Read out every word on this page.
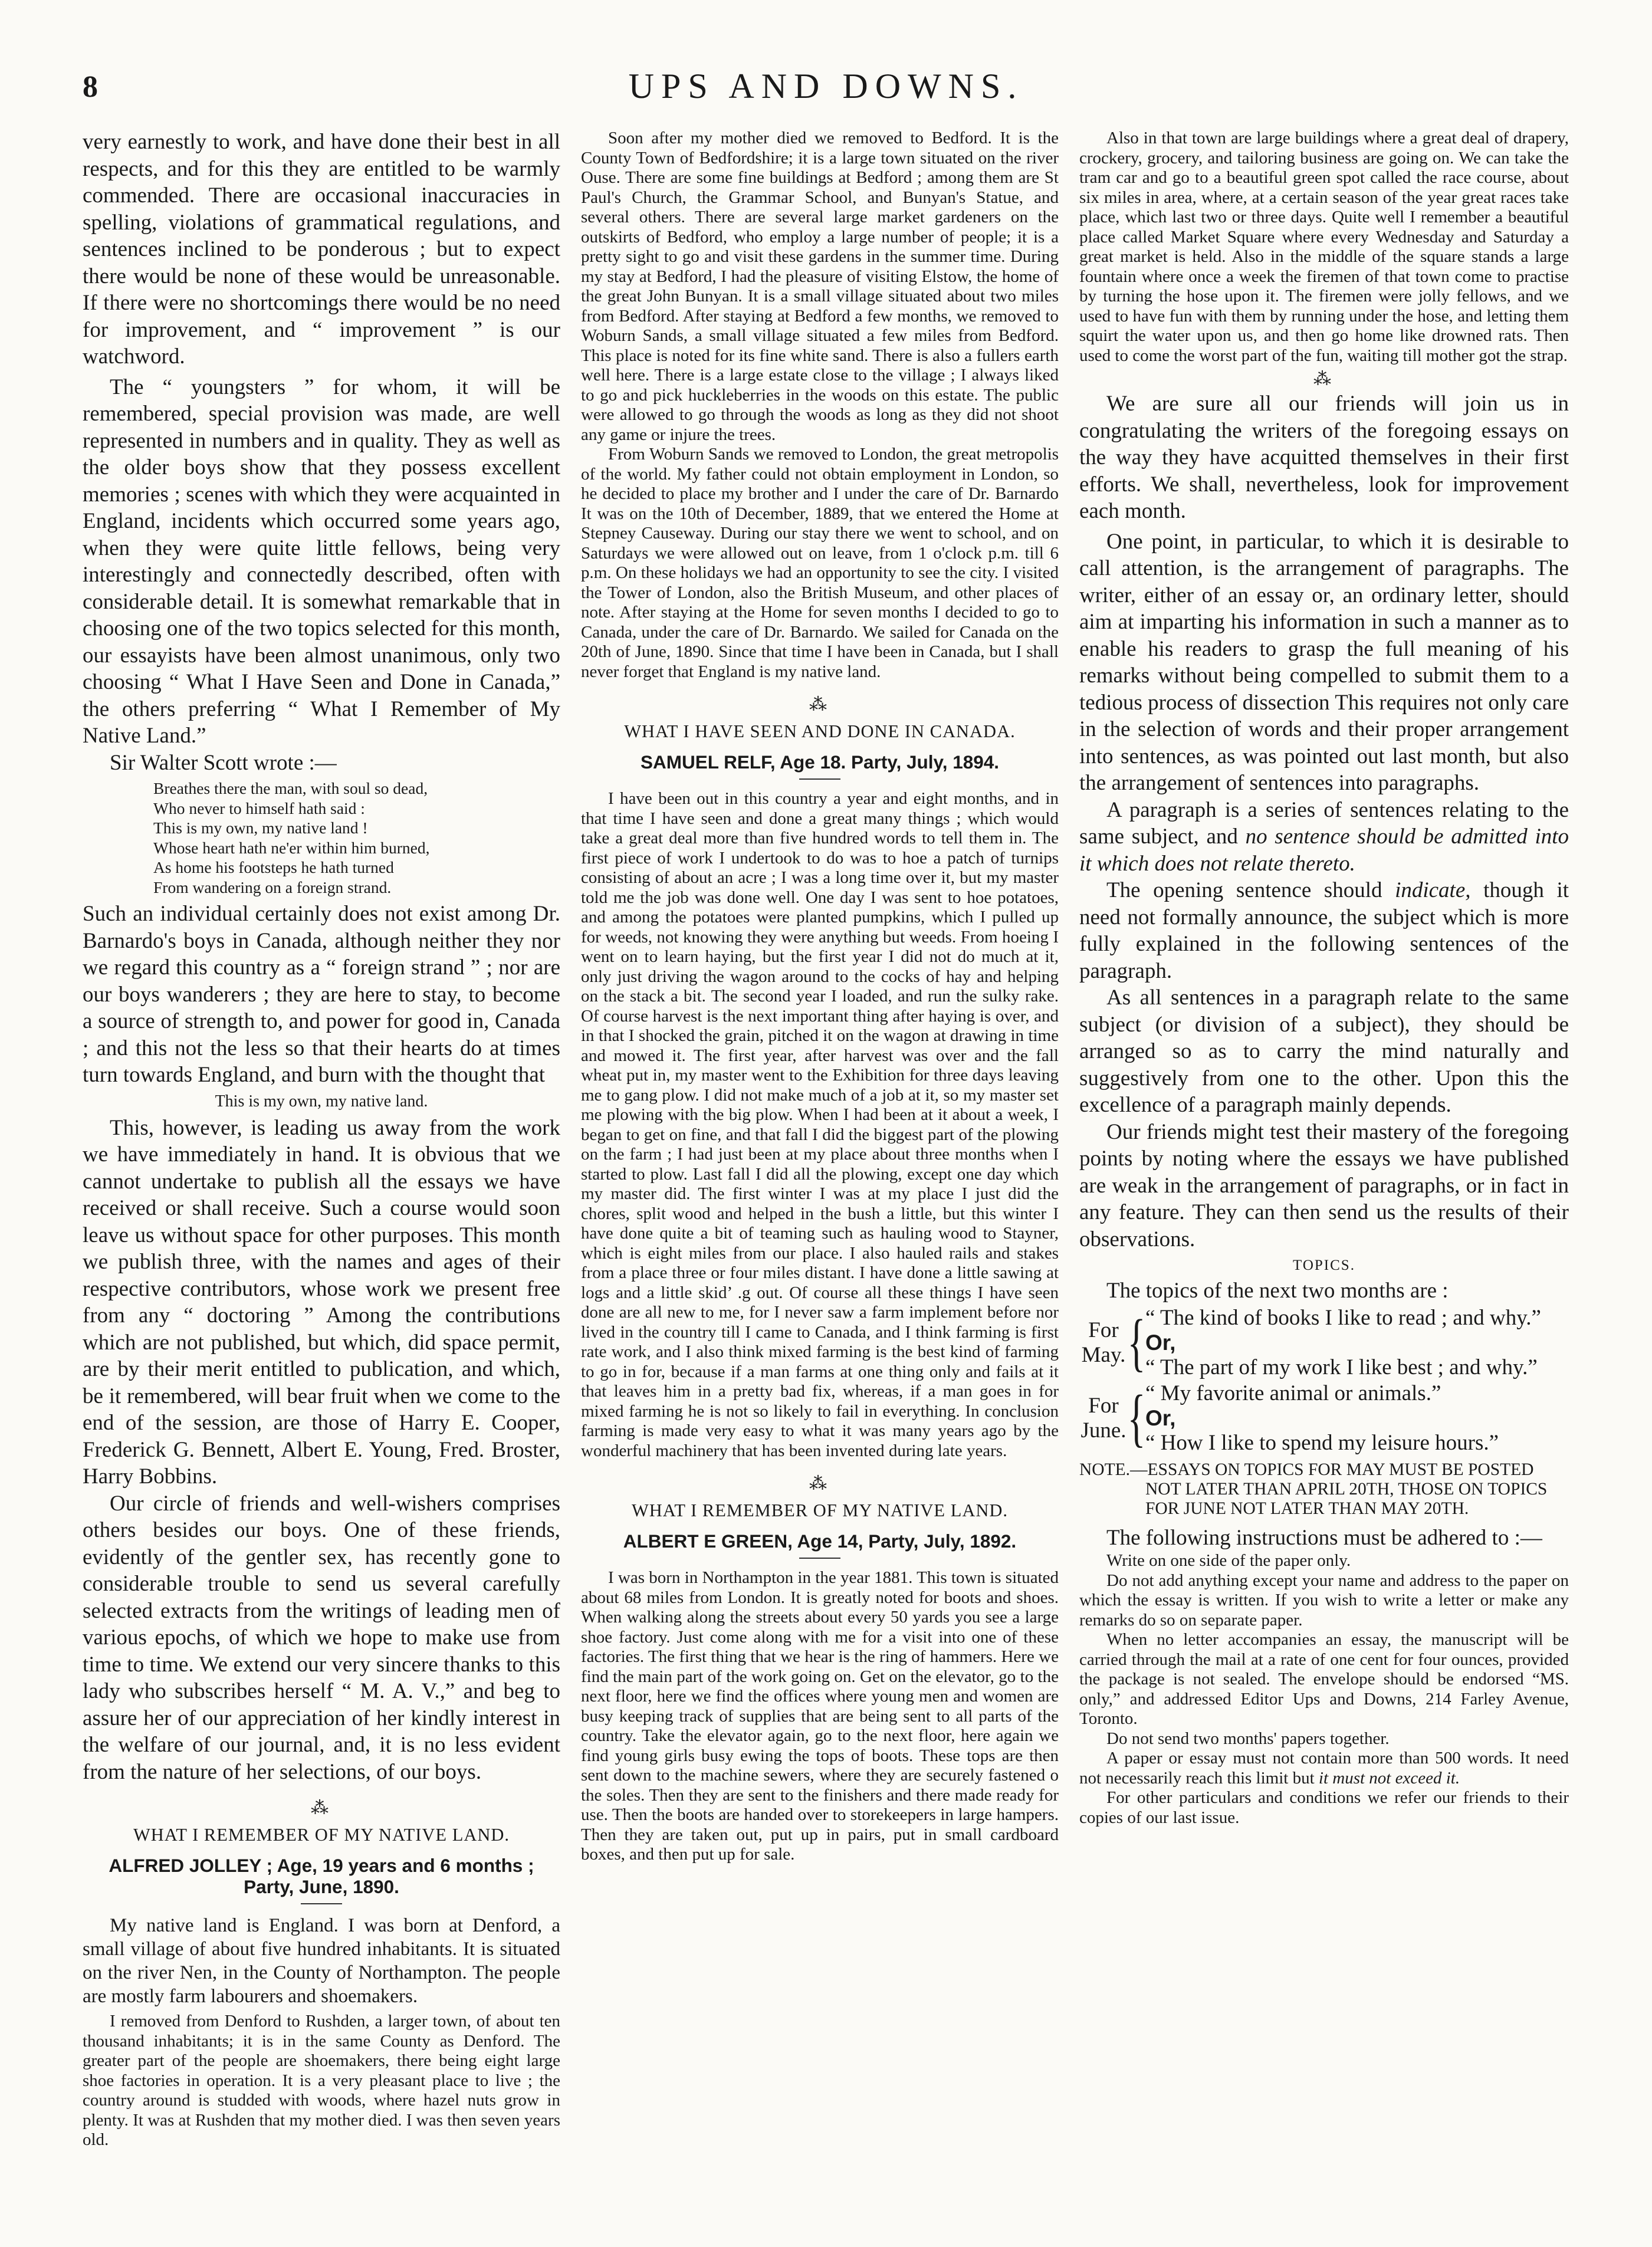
8	UPS AND DOWNS.

very earnestly to work, and have done their best in all respects, and for this they are entitled to be warmly commended. There are occasional inaccuracies in spelling, violations of grammatical regulations, and sentences inclined to be ponderous ; but to expect there would be none of these would be unreasonable. If there were no shortcomings there would be no need for improvement, and “ improvement ” is our watchword.

The “ youngsters ” for whom, it will be remembered, special provision was made, are well represented in numbers and in quality. They as well as the older boys show that they possess excellent memories ; scenes with which they were acquainted in England, incidents which occurred some years ago, when they were quite little fellows, being very interestingly and connectedly described, often with considerable detail. It is somewhat remarkable that in choosing one of the two topics selected for this month, our essayists have been almost unanimous, only two choosing “ What I Have Seen and Done in Canada,” the others preferring “ What I Remember of My Native Land.”

Sir Walter Scott wrote :—

Breathes there the man, with soul so dead,
Who never to himself hath said :
This is my own, my native land !
Whose heart hath ne'er within him burned,
As home his footsteps he hath turned
From wandering on a foreign strand.

Such an individual certainly does not exist among Dr. Barnardo's boys in Canada, although neither they nor we regard this country as a “ foreign strand ” ; nor are our boys wanderers ; they are here to stay, to become a source of strength to, and power for good in, Canada ; and this not the less so that their hearts do at times turn towards England, and burn with the thought that

This is my own, my native land.

This, however, is leading us away from the work we have immediately in hand. It is obvious that we cannot undertake to publish all the essays we have received or shall receive. Such a course would soon leave us without space for other purposes. This month we publish three, with the names and ages of their respective contributors, whose work we present free from any “ doctoring ” Among the contributions which are not published, but which, did space permit, are by their merit entitled to publication, and which, be it remembered, will bear fruit when we come to the end of the session, are those of Harry E. Cooper, Frederick G. Bennett, Albert E. Young, Fred. Broster, Harry Bobbins.

Our circle of friends and well-wishers comprises others besides our boys. One of these friends, evidently of the gentler sex, has recently gone to considerable trouble to send us several carefully selected extracts from the writings of leading men of various epochs, of which we hope to make use from time to time. We extend our very sincere thanks to this lady who subscribes herself “ M. A. V.,” and beg to assure her of our appreciation of her kindly interest in the welfare of our journal, and, it is no less evident from the nature of her selections, of our boys.

⁂
WHAT I REMEMBER OF MY NATIVE LAND.
ALFRED JOLLEY ; Age, 19 years and 6 months ; Party, June, 1890.

My native land is England. I was born at Denford, a small village of about five hundred inhabitants. It is situated on the river Nen, in the County of Northampton. The people are mostly farm labourers and shoemakers.

I removed from Denford to Rushden, a larger town, of about ten thousand inhabitants; it is in the same County as Denford. The greater part of the people are shoemakers, there being eight large shoe factories in operation. It is a very pleasant place to live ; the country around is studded with woods, where hazel nuts grow in plenty. It was at Rushden that my mother died. I was then seven years old.

Soon after my mother died we removed to Bedford. It is the County Town of Bedfordshire; it is a large town situated on the river Ouse. There are some fine buildings at Bedford ; among them are St Paul's Church, the Grammar School, and Bunyan's Statue, and several others. There are several large market gardeners on the outskirts of Bedford, who employ a large number of people; it is a pretty sight to go and visit these gardens in the summer time. During my stay at Bedford, I had the pleasure of visiting Elstow, the home of the great John Bunyan. It is a small village situated about two miles from Bedford. After staying at Bedford a few months, we removed to Woburn Sands, a small village situated a few miles from Bedford. This place is noted for its fine white sand. There is also a fullers earth well here. There is a large estate close to the village ; I always liked to go and pick huckleberries in the woods on this estate. The public were allowed to go through the woods as long as they did not shoot any game or injure the trees.

From Woburn Sands we removed to London, the great metropolis of the world. My father could not obtain employment in London, so he decided to place my brother and I under the care of Dr. Barnardo It was on the 10th of December, 1889, that we entered the Home at Stepney Causeway. During our stay there we went to school, and on Saturdays we were allowed out on leave, from 1 o'clock p.m. till 6 p.m. On these holidays we had an opportunity to see the city. I visited the Tower of London, also the British Museum, and other places of note. After staying at the Home for seven months I decided to go to Canada, under the care of Dr. Barnardo. We sailed for Canada on the 20th of June, 1890. Since that time I have been in Canada, but I shall never forget that England is my native land.

⁂
WHAT I HAVE SEEN AND DONE IN CANADA.
SAMUEL RELF, Age 18. Party, July, 1894.

I have been out in this country a year and eight months, and in that time I have seen and done a great many things ; which would take a great deal more than five hundred words to tell them in. The first piece of work I undertook to do was to hoe a patch of turnips consisting of about an acre ; I was a long time over it, but my master told me the job was done well. One day I was sent to hoe potatoes, and among the potatoes were planted pumpkins, which I pulled up for weeds, not knowing they were anything but weeds. From hoeing I went on to learn haying, but the first year I did not do much at it, only just driving the wagon around to the cocks of hay and helping on the stack a bit. The second year I loaded, and run the sulky rake. Of course harvest is the next important thing after haying is over, and in that I shocked the grain, pitched it on the wagon at drawing in time and mowed it. The first year, after harvest was over and the fall wheat put in, my master went to the Exhibition for three days leaving me to gang plow. I did not make much of a job at it, so my master set me plowing with the big plow. When I had been at it about a week, I began to get on fine, and that fall I did the biggest part of the plowing on the farm ; I had just been at my place about three months when I started to plow. Last fall I did all the plowing, except one day which my master did. The first winter I was at my place I just did the chores, split wood and helped in the bush a little, but this winter I have done quite a bit of teaming such as hauling wood to Stayner, which is eight miles from our place. I also hauled rails and stakes from a place three or four miles distant. I have done a little sawing at logs and a little skid’ .g out. Of course all these things I have seen done are all new to me, for I never saw a farm implement before nor lived in the country till I came to Canada, and I think farming is first rate work, and I also think mixed farming is the best kind of farming to go in for, because if a man farms at one thing only and fails at it that leaves him in a pretty bad fix, whereas, if a man goes in for mixed farming he is not so likely to fail in everything. In conclusion farming is made very easy to what it was many years ago by the wonderful machinery that has been invented during late years.

⁂
WHAT I REMEMBER OF MY NATIVE LAND.
ALBERT E GREEN, Age 14, Party, July, 1892.

I was born in Northampton in the year 1881. This town is situated about 68 miles from London. It is greatly noted for boots and shoes. When walking along the streets about every 50 yards you see a large shoe factory. Just come along with me for a visit into one of these factories. The first thing that we hear is the ring of hammers. Here we find the main part of the work going on. Get on the elevator, go to the next floor, here we find the offices where young men and women are busy keeping track of supplies that are being sent to all parts of the country. Take the elevator again, go to the next floor, here again we find young girls busy ewing the tops of boots. These tops are then sent down to the machine sewers, where they are securely fastened o the soles. Then they are sent to the finishers and there made ready for use. Then the boots are handed over to storekeepers in large hampers. Then they are taken out, put up in pairs, put in small cardboard boxes, and then put up for sale.

Also in that town are large buildings where a great deal of drapery, crockery, grocery, and tailoring business are going on. We can take the tram car and go to a beautiful green spot called the race course, about six miles in area, where, at a certain season of the year great races take place, which last two or three days. Quite well I remember a beautiful place called Market Square where every Wednesday and Saturday a great market is held. Also in the middle of the square stands a large fountain where once a week the firemen of that town come to practise by turning the hose upon it. The firemen were jolly fellows, and we used to have fun with them by running under the hose, and letting them squirt the water upon us, and then go home like drowned rats. Then used to come the worst part of the fun, waiting till mother got the strap.

⁂

We are sure all our friends will join us in congratulating the writers of the foregoing essays on the way they have acquitted themselves in their first efforts. We shall, nevertheless, look for improvement each month.

One point, in particular, to which it is desirable to call attention, is the arrangement of paragraphs. The writer, either of an essay or, an ordinary letter, should aim at imparting his information in such a manner as to enable his readers to grasp the full meaning of his remarks without being compelled to submit them to a tedious process of dissection This requires not only care in the selection of words and their proper arrangement into sentences, as was pointed out last month, but also the arrangement of sentences into paragraphs.

A paragraph is a series of sentences relating to the same subject, and no sentence should be admitted into it which does not relate thereto.

The opening sentence should indicate, though it need not formally announce, the subject which is more fully explained in the following sentences of the paragraph.

As all sentences in a paragraph relate to the same subject (or division of a subject), they should be arranged so as to carry the mind naturally and suggestively from one to the other. Upon this the excellence of a paragraph mainly depends.

Our friends might test their mastery of the foregoing points by noting where the essays we have published are weak in the arrangement of paragraphs, or in fact in any feature. They can then send us the results of their observations.

TOPICS.

The topics of the next two months are :

For
May. { “ The kind of books I like to read ; and why.”
Or,
“ The part of my work I like best ; and why.”
For
June. { “ My favorite animal or animals.”
Or,
“ How I like to spend my leisure hours.”

NOTE.—ESSAYS ON TOPICS FOR MAY MUST BE POSTED NOT LATER THAN APRIL 20TH, THOSE ON TOPICS FOR JUNE NOT LATER THAN MAY 20TH.

The following instructions must be adhered to :—

Write on one side of the paper only.

Do not add anything except your name and address to the paper on which the essay is written. If you wish to write a letter or make any remarks do so on separate paper.

When no letter accompanies an essay, the manuscript will be carried through the mail at a rate of one cent for four ounces, provided the package is not sealed. The envelope should be endorsed “MS. only,” and addressed Editor Ups and Downs, 214 Farley Avenue, Toronto.

Do not send two months' papers together.

A paper or essay must not contain more than 500 words. It need not necessarily reach this limit but it must not exceed it.

For other particulars and conditions we refer our friends to their copies of our last issue.
